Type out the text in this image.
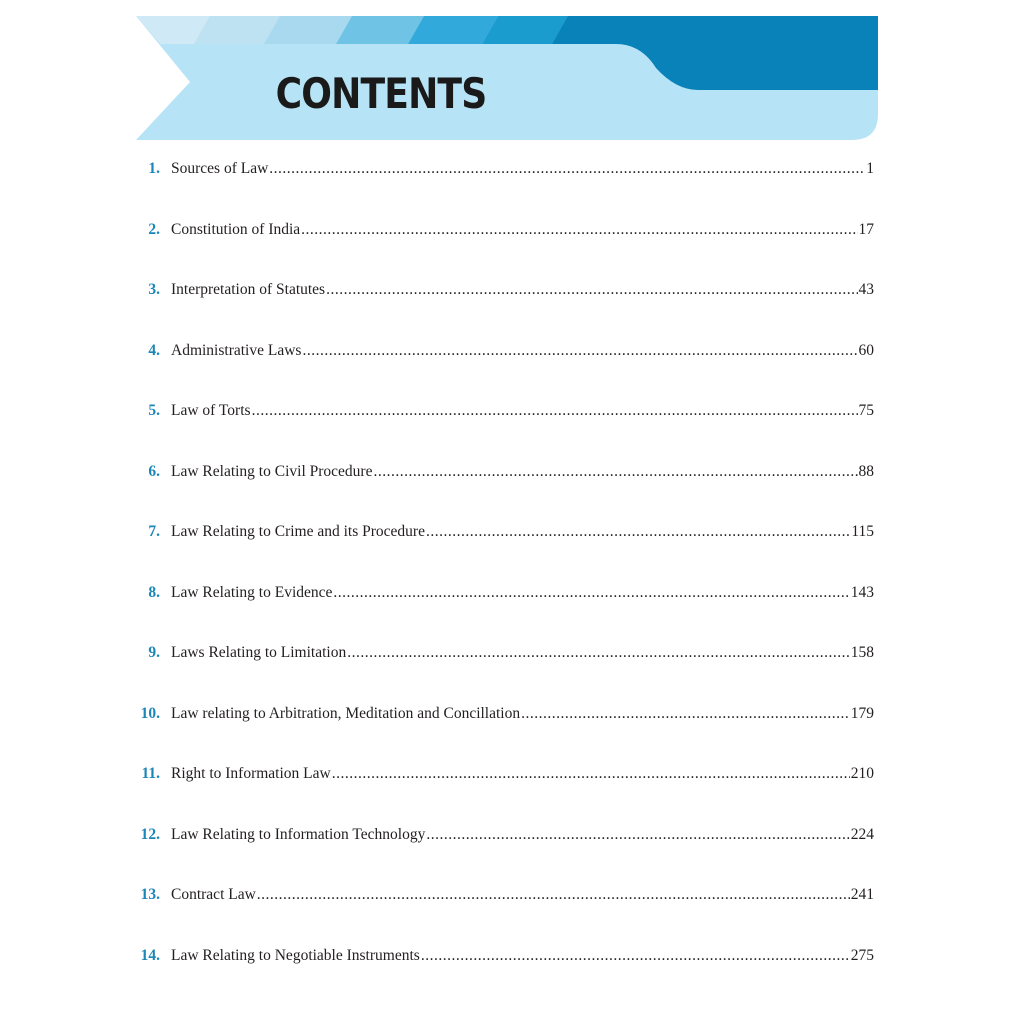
CONTENTS
1. Sources of Law .....	1
2. Constitution of India .....	17
3. Interpretation of Statutes .....	43
4. Administrative Laws .....	60
5. Law of Torts .....	75
6. Law Relating to Civil Procedure .....	88
7. Law Relating to Crime and its Procedure .....	115
8. Law Relating to Evidence .....	143
9. Laws Relating to Limitation .....	158
10. Law relating to Arbitration, Meditation and Concillation .....	179
11. Right to Information Law .....	210
12. Law Relating to Information Technology .....	224
13. Contract Law .....	241
14. Law Relating to Negotiable Instruments .....	275
